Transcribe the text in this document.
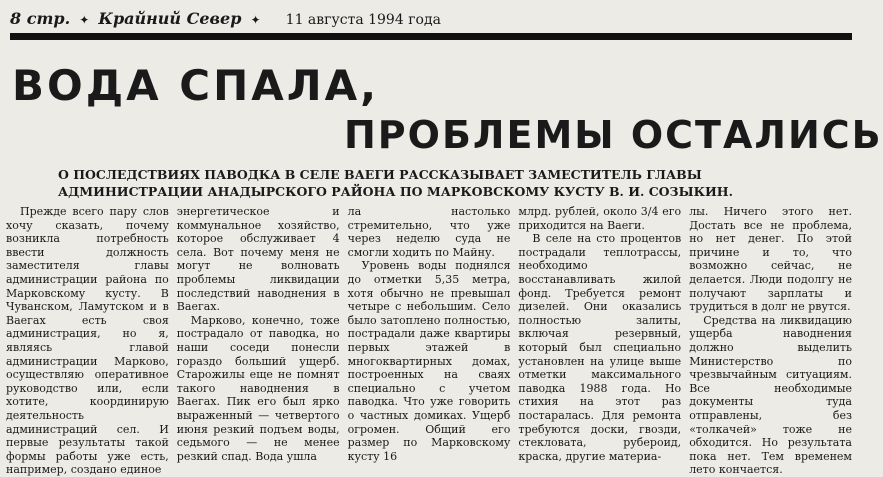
8 стр. ✦ Крайний Север ✦ 11 августа 1994 года
ВОДА СПАЛА,
ПРОБЛЕМЫ ОСТАЛИСЬ
О ПОСЛЕДСТВИЯХ ПАВОДКА В СЕЛЕ ВАЕГИ РАССКАЗЫВАЕТ ЗАМЕСТИТЕЛЬ ГЛАВЫ АДМИНИСТРАЦИИ АНАДЫРСКОГО РАЙОНА ПО МАРКОВСКОМУ КУСТУ В. И. СОЗЫКИН.

Прежде всего пару слов хочу сказать, почему возникла потребность ввести должность заместителя главы администрации района по Марковскому кусту. В Чуванском, Ламутском и в Ваегах есть своя администрация, но я, являясь главой администрации Марково, осуществляю оперативное руководство или, если хотите, координирую деятельность администраций сел. И первые результаты такой формы работы уже есть, например, создано единое

энергетическое и коммунальное хозяйство, которое обслуживает 4 села. Вот почему меня не могут не волновать проблемы ликвидации последствий наводнения в Ваегах.

Марково, конечно, тоже пострадало от паводка, но наши соседи понесли гораздо больший ущерб. Старожилы еще не помнят такого наводнения в Ваегах. Пик его был ярко выраженный — четвертого июня резкий подъем воды, седьмого — не менее резкий спад. Вода ушла

ла настолько стремительно, что уже через неделю суда не смогли ходить по Майну.

Уровень воды поднялся до отметки 5,35 метра, хотя обычно не превышал четыре с небольшим. Село было затоплено полностью, пострадали даже квартиры первых этажей в многоквартирных домах, построенных на сваях специально с учетом паводка. Что уже говорить о частных домиках. Ущерб огромен. Общий его размер по Марковскому кусту 16

млрд. рублей, около 3/4 его приходится на Ваеги.

В селе на сто процентов пострадали теплотрассы, необходимо восстанавливать жилой фонд. Требуется ремонт дизелей. Они оказались полностью залиты, включая резервный, который был специально установлен на улице выше отметки максимального паводка 1988 года. Но стихия на этот раз постаралась. Для ремонта требуются доски, гвозди, стекловата, рубероид, краска, другие материа-

лы. Ничего этого нет. Достать все не проблема, но нет денег. По этой причине и то, что возможно сейчас, не делается. Люди подолгу не получают зарплаты и трудиться в долг не рвутся.

Средства на ликвидацию ущерба наводнения должно выделить Министерство по чрезвычайным ситуациям. Все необходимые документы туда отправлены, без «толкачей» тоже не обходится. Но результата пока нет. Тем временем лето кончается.
